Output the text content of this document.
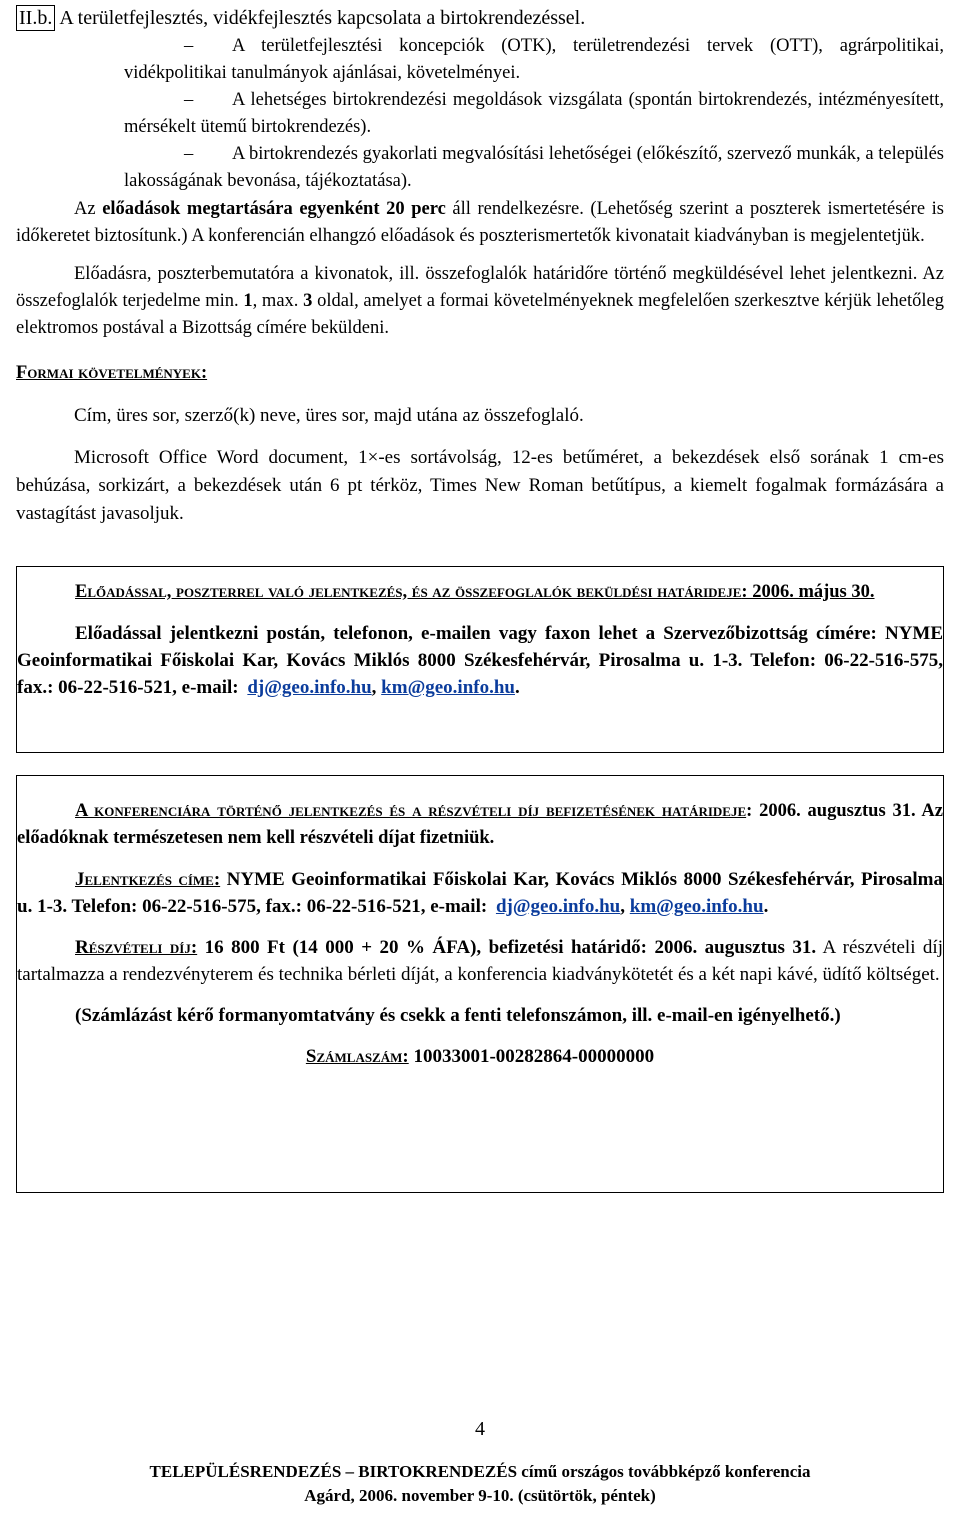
II.b. A területfejlesztés, vidékfejlesztés kapcsolata a birtokrendezéssel.

– A területfejlesztési koncepciók (OTK), területrendezési tervek (OTT), agrárpolitikai, vidékpolitikai tanulmányok ajánlásai, követelményei.

– A lehetséges birtokrendezési megoldások vizsgálata (spontán birtokrendezés, intézményesített, mérsékelt ütemű birtokrendezés).

– A birtokrendezés gyakorlati megvalósítási lehetőségei (előkészítő, szervező munkák, a település lakosságának bevonása, tájékoztatása).

Az előadások megtartására egyenként 20 perc áll rendelkezésre. (Lehetőség szerint a poszterek ismertetésére is időkeretet biztosítunk.) A konferencián elhangzó előadások és poszterismertetők kivonatait kiadványban is megjelentetjük.

Előadásra, poszterbemutatóra a kivonatok, ill. összefoglalók határidőre történő megküldésével lehet jelentkezni. Az összefoglalók terjedelme min. 1, max. 3 oldal, amelyet a formai követelményeknek megfelelően szerkesztve kérjük lehetőleg elektromos postával a Bizottság címére beküldeni.

Formai követelmények:

Cím, üres sor, szerző(k) neve, üres sor, majd utána az összefoglaló.

Microsoft Office Word document, 1×-es sortávolság, 12-es betűméret, a bekezdések első sorának 1 cm-es behúzása, sorkizárt, a bekezdések után 6 pt térköz, Times New Roman betűtípus, a kiemelt fogalmak formázására a vastagítást javasoljuk.

Előadással, poszterrel való jelentkezés, és az összefoglalók beküldési határideje: 2006. május 30.

Előadással jelentkezni postán, telefonon, e-mailen vagy faxon lehet a Szervezőbizottság címére: NYME Geoinformatikai Főiskolai Kar, Kovács Miklós 8000 Székesfehérvár, Pirosalma u. 1-3. Telefon: 06-22-516-575, fax.: 06-22-516-521, e-mail: dj@geo.info.hu, km@geo.info.hu.

A konferenciára történő jelentkezés és a részvételi díj befizetésének határideje: 2006. augusztus 31. Az előadóknak természetesen nem kell részvételi díjat fizetniük.

Jelentkezés címe: NYME Geoinformatikai Főiskolai Kar, Kovács Miklós 8000 Székesfehérvár, Pirosalma u. 1-3. Telefon: 06-22-516-575, fax.: 06-22-516-521, e-mail: dj@geo.info.hu, km@geo.info.hu.

Részvételi díj: 16 800 Ft (14 000 + 20 % ÁFA), befizetési határidő: 2006. augusztus 31. A részvételi díj tartalmazza a rendezvényterem és technika bérleti díját, a konferencia kiadványkötetét és a két napi kávé, üdítő költséget.

(Számlázást kérő formanyomtatvány és csekk a fenti telefonszámon, ill. e-mail-en igényelhető.)

Számlaszám: 10033001-00282864-00000000

4
TELEPÜLÉSRENDEZÉS – BIRTOKRENDEZÉS című országos továbbképző konferencia
Agárd, 2006. november 9-10. (csütörtök, péntek)
